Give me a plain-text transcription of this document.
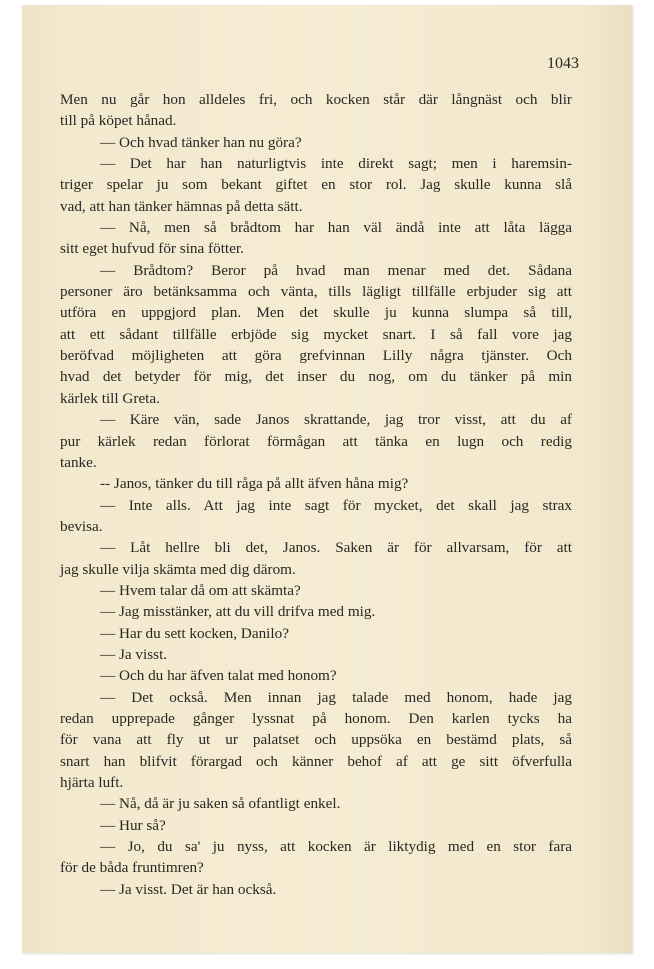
1043
Men nu går hon alldeles fri, och kocken står där långnäst och blir
till på köpet hånad.
— Och hvad tänker han nu göra?
— Det har han naturligtvis inte direkt sagt; men i haremsin-
triger spelar ju som bekant giftet en stor rol. Jag skulle kunna slå
vad, att han tänker hämnas på detta sätt.
— Nå, men så brådtom har han väl ändå inte att låta lägga
sitt eget hufvud för sina fötter.
— Brådtom? Beror på hvad man menar med det. Sådana
personer äro betänksamma och vänta, tills lägligt tillfälle erbjuder sig att
utföra en uppgjord plan. Men det skulle ju kunna slumpa så till,
att ett sådant tillfälle erbjöde sig mycket snart. I så fall vore jag
beröfvad möjligheten att göra grefvinnan Lilly några tjänster. Och
hvad det betyder för mig, det inser du nog, om du tänker på min
kärlek till Greta.
— Käre vän, sade Janos skrattande, jag tror visst, att du af
pur kärlek redan förlorat förmågan att tänka en lugn och redig
tanke.
-- Janos, tänker du till råga på allt äfven håna mig?
— Inte alls. Att jag inte sagt för mycket, det skall jag strax
bevisa.
— Låt hellre bli det, Janos. Saken är för allvarsam, för att
jag skulle vilja skämta med dig därom.
— Hvem talar då om att skämta?
— Jag misstänker, att du vill drifva med mig.
— Har du sett kocken, Danilo?
— Ja visst.
— Och du har äfven talat med honom?
— Det också. Men innan jag talade med honom, hade jag
redan upprepade gånger lyssnat på honom. Den karlen tycks ha
för vana att fly ut ur palatset och uppsöka en bestämd plats, så
snart han blifvit förargad och känner behof af att ge sitt öfverfulla
hjärta luft.
— Nå, då är ju saken så ofantligt enkel.
— Hur så?
— Jo, du sa' ju nyss, att kocken är liktydig med en stor fara
för de båda fruntimren?
— Ja visst. Det är han också.
